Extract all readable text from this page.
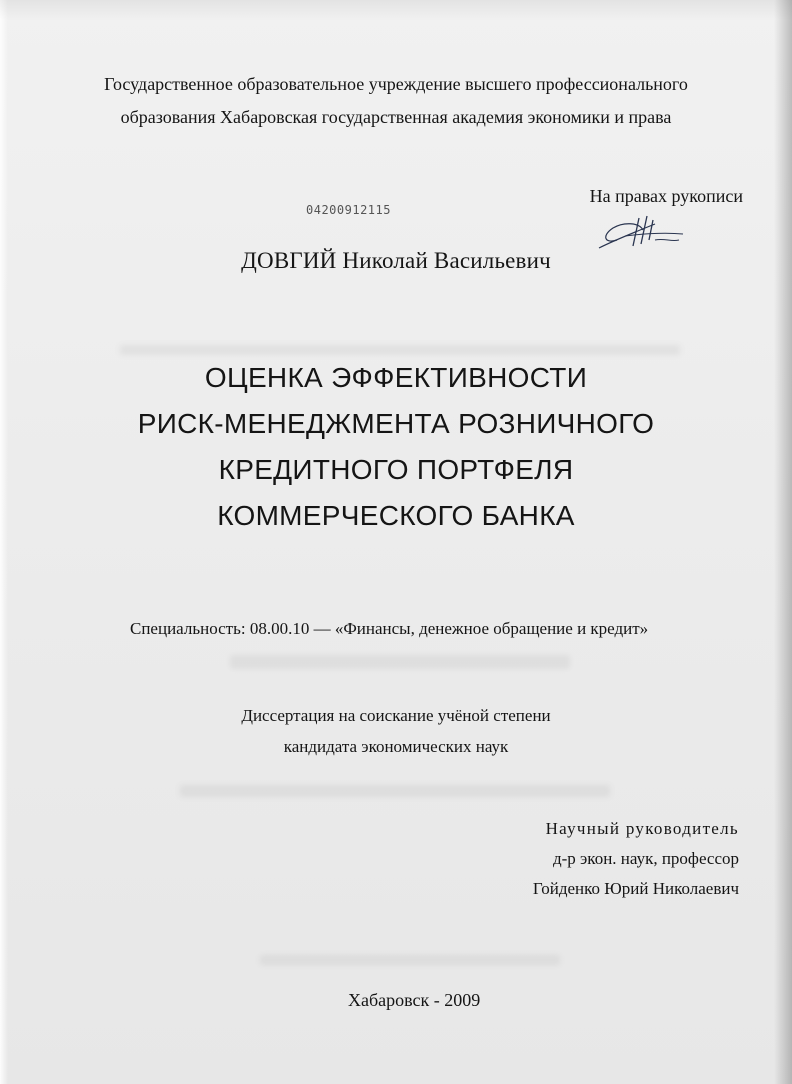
Государственное образовательное учреждение высшего профессионального
образования Хабаровская государственная академия экономики и права
На правах рукописи
04200912115
ДОВГИЙ Николай Васильевич
ОЦЕНКА ЭФФЕКТИВНОСТИ
РИСК-МЕНЕДЖМЕНТА РОЗНИЧНОГО
КРЕДИТНОГО ПОРТФЕЛЯ
КОММЕРЧЕСКОГО БАНКА
Специальность: 08.00.10 — «Финансы, денежное обращение и кредит»
Диссертация на соискание учёной степени
кандидата экономических наук
Научный руководитель
д-р экон. наук, профессор
Гойденко Юрий Николаевич
Хабаровск - 2009
